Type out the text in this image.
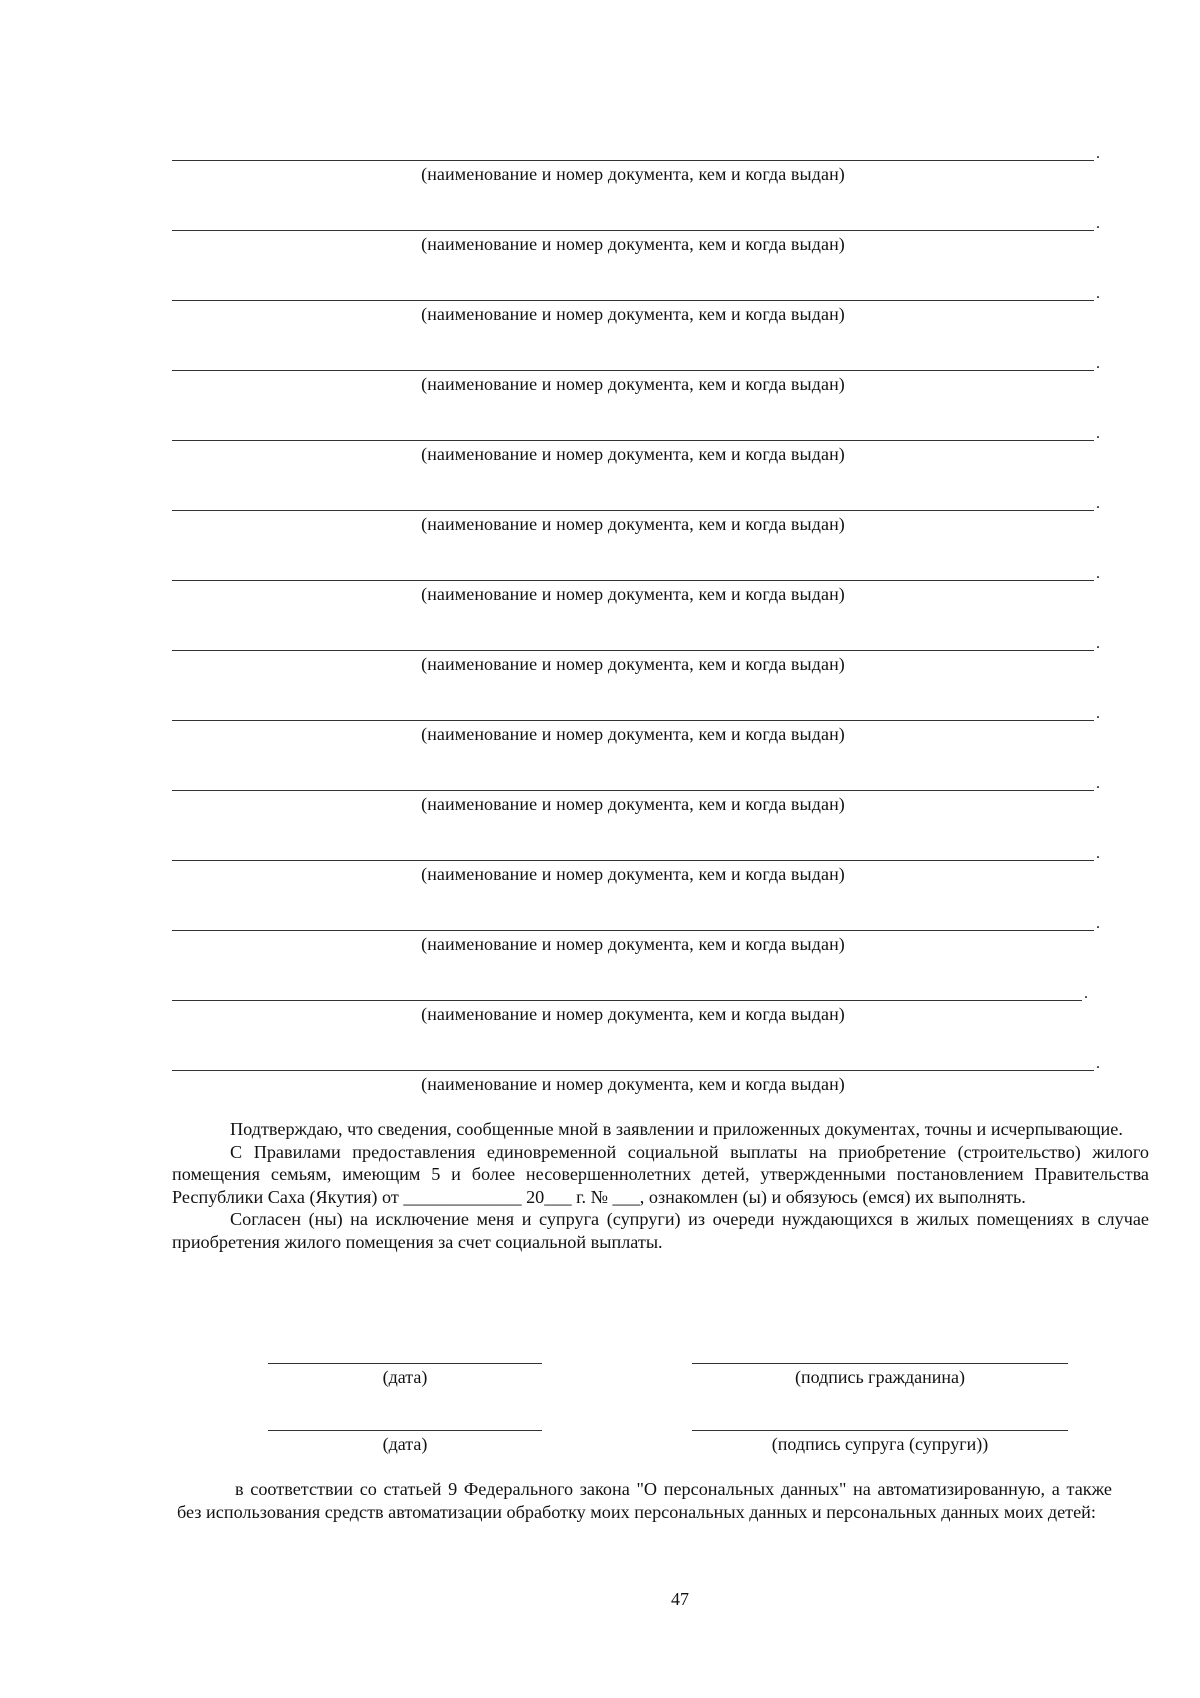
.
(наименование и номер документа, кем и когда выдан)
.
(наименование и номер документа, кем и когда выдан)
.
(наименование и номер документа, кем и когда выдан)
.
(наименование и номер документа, кем и когда выдан)
.
(наименование и номер документа, кем и когда выдан)
.
(наименование и номер документа, кем и когда выдан)
.
(наименование и номер документа, кем и когда выдан)
.
(наименование и номер документа, кем и когда выдан)
.
(наименование и номер документа, кем и когда выдан)
.
(наименование и номер документа, кем и когда выдан)
.
(наименование и номер документа, кем и когда выдан)
.
(наименование и номер документа, кем и когда выдан)
.
(наименование и номер документа, кем и когда выдан)
.
(наименование и номер документа, кем и когда выдан)

Подтверждаю, что сведения, сообщенные мной в заявлении и приложенных документах, точны и исчерпывающие.

С Правилами предоставления единовременной социальной выплаты на приобретение (строительство) жилого помещения семьям, имеющим 5 и более несовершеннолетних детей, утвержденными постановлением Правительства Республики Саха (Якутия) от _____________ 20___ г. № ___, ознакомлен (ы) и обязуюсь (емся) их выполнять.

Согласен (ны) на исключение меня и супруга (супруги) из очереди нуждающихся в жилых помещениях в случае приобретения жилого помещения за счет социальной выплаты.

(дата)	(подпись гражданина)
(дата)	(подпись супруга (супруги))

в соответствии со статьей 9 Федерального закона "О персональных данных" на автоматизированную, а также без использования средств автоматизации обработку моих персональных данных и персональных данных моих детей:

47
